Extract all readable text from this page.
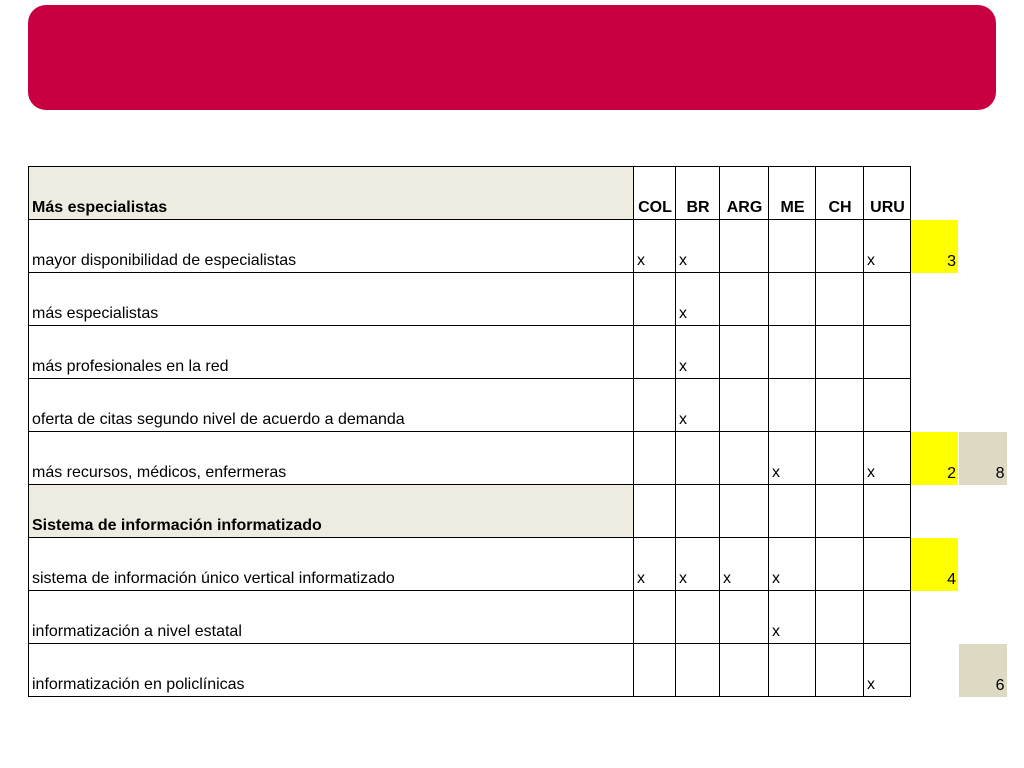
Más especialistas	COL	BR	ARG	ME	CH	URU		
mayor disponibilidad de especialistas	x	x				x	3	
más especialistas		x						
más profesionales en la red		x						
oferta de citas segundo nivel de acuerdo a demanda		x						
más recursos, médicos, enfermeras				x		x	2	8
Sistema de información informatizado								
sistema de información único vertical informatizado	x	x	x	x			4	
informatización a nivel estatal				x				
informatización en policlínicas						x		6
